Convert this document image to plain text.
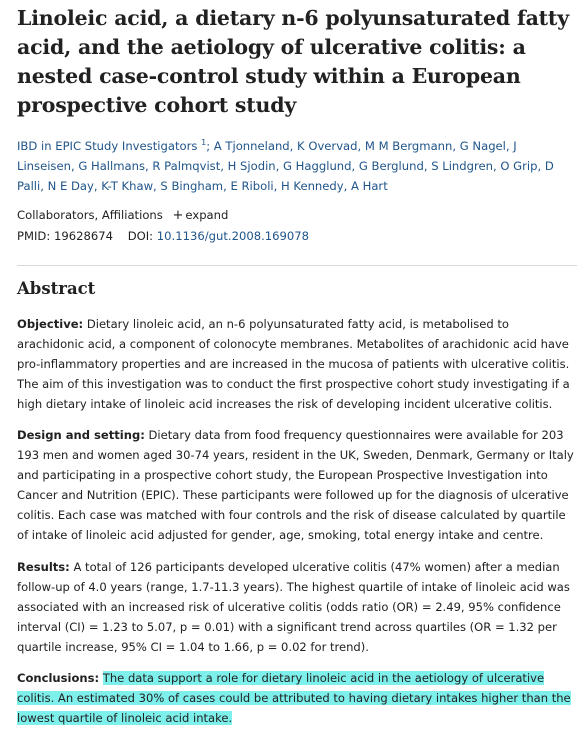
Linoleic acid, a dietary n-6 polyunsaturated fatty acid, and the aetiology of ulcerative colitis: a nested case-control study within a European prospective cohort study
IBD in EPIC Study Investigators $^1$; A Tjonneland, K Overvad, M M Bergmann, G Nagel, J Linseisen, G Hallmans, R Palmqvist, H Sjodin, G Hagglund, G Berglund, S Lindgren, O Grip, D Palli, N E Day, K-T Khaw, S Bingham, E Riboli, H Kennedy, A Hart
Collaborators, Affiliations + expand
PMID: 19628674 DOI: 10.1136/gut.2008.169078
Abstract

Objective: Dietary linoleic acid, an n-6 polyunsaturated fatty acid, is metabolised to arachidonic acid, a component of colonocyte membranes. Metabolites of arachidonic acid have pro-inflammatory properties and are increased in the mucosa of patients with ulcerative colitis. The aim of this investigation was to conduct the first prospective cohort study investigating if a high dietary intake of linoleic acid increases the risk of developing incident ulcerative colitis.

Design and setting: Dietary data from food frequency questionnaires were available for 203 193 men and women aged 30-74 years, resident in the UK, Sweden, Denmark, Germany or Italy and participating in a prospective cohort study, the European Prospective Investigation into Cancer and Nutrition (EPIC). These participants were followed up for the diagnosis of ulcerative colitis. Each case was matched with four controls and the risk of disease calculated by quartile of intake of linoleic acid adjusted for gender, age, smoking, total energy intake and centre.

Results: A total of 126 participants developed ulcerative colitis (47% women) after a median follow-up of 4.0 years (range, 1.7-11.3 years). The highest quartile of intake of linoleic acid was associated with an increased risk of ulcerative colitis (odds ratio (OR) = 2.49, 95% confidence interval (CI) = 1.23 to 5.07, p = 0.01) with a significant trend across quartiles (OR = 1.32 per quartile increase, 95% CI = 1.04 to 1.66, p = 0.02 for trend).

Conclusions: The data support a role for dietary linoleic acid in the aetiology of ulcerative colitis. An estimated 30% of cases could be attributed to having dietary intakes higher than the lowest quartile of linoleic acid intake.
